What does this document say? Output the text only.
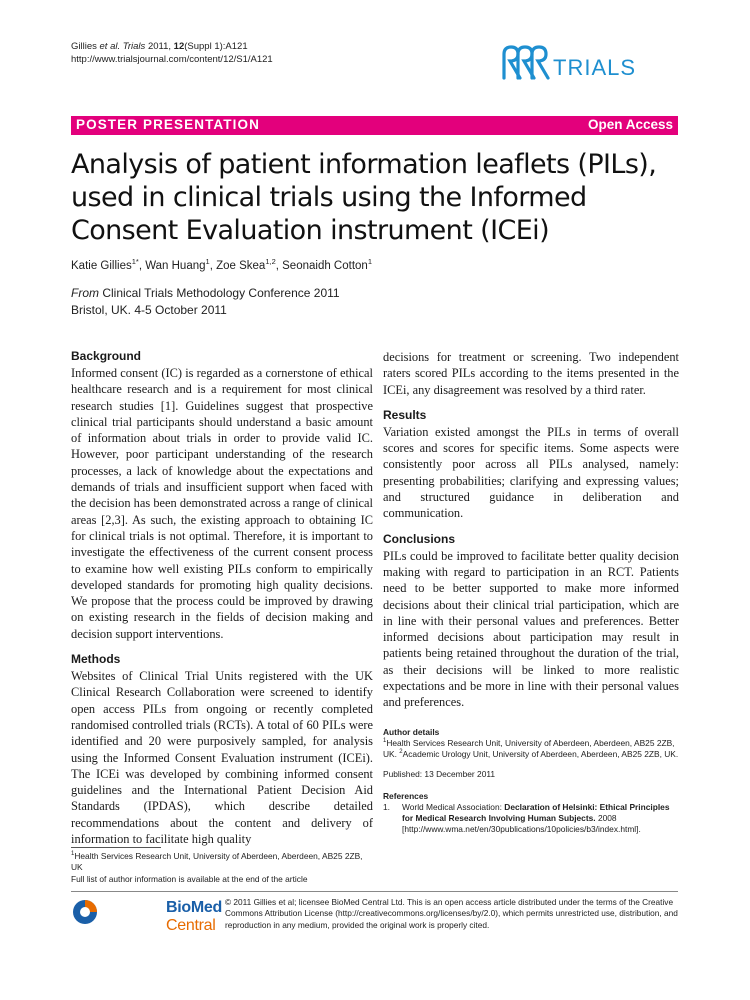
Gillies et al. Trials 2011, 12(Suppl 1):A121
http://www.trialsjournal.com/content/12/S1/A121	TRIALS
POSTER PRESENTATION	Open Access
Analysis of patient information leaflets (PILs), used in clinical trials using the Informed Consent Evaluation instrument (ICEi)
Katie Gillies$^{1*}$, Wan Huang$^1$, Zoe Skea$^{1,2}$, Seonaidh Cotton$^1$
From Clinical Trials Methodology Conference 2011
Bristol, UK. 4-5 October 2011
Background
Informed consent (IC) is regarded as a cornerstone of ethical healthcare research and is a requirement for most clinical research studies [1]. Guidelines suggest that prospective clinical trial participants should understand a basic amount of information about trials in order to provide valid IC. However, poor participant understanding of the research processes, a lack of knowledge about the expectations and demands of trials and insufficient support when faced with the decision has been demonstrated across a range of clinical areas [2,3]. As such, the existing approach to obtaining IC for clinical trials is not optimal. Therefore, it is important to investigate the effectiveness of the current consent process to examine how well existing PILs conform to empirically developed standards for promoting high quality decisions. We propose that the process could be improved by drawing on existing research in the fields of decision making and decision support interventions.
Methods
Websites of Clinical Trial Units registered with the UK Clinical Research Collaboration were screened to identify open access PILs from ongoing or recently completed randomised controlled trials (RCTs). A total of 60 PILs were identified and 20 were purposively sampled, for analysis using the Informed Consent Evaluation instrument (ICEi). The ICEi was developed by combining informed consent guidelines and the International Patient Decision Aid Standards (IPDAS), which describe detailed recommendations about the content and delivery of information to facilitate high quality
decisions for treatment or screening. Two independent raters scored PILs according to the items presented in the ICEi, any disagreement was resolved by a third rater.
Results
Variation existed amongst the PILs in terms of overall scores and scores for specific items. Some aspects were consistently poor across all PILs analysed, namely: presenting probabilities; clarifying and expressing values; and structured guidance in deliberation and communication.
Conclusions
PILs could be improved to facilitate better quality decision making with regard to participation in an RCT. Patients need to be better supported to make more informed decisions about their clinical trial participation, which are in line with their personal values and preferences. Better informed decisions about participation may result in patients being retained throughout the duration of the trial, as their decisions will be linked to more realistic expectations and be more in line with their personal values and preferences.
Author details
$^1$Health Services Research Unit, University of Aberdeen, Aberdeen, AB25 2ZB, UK. $^2$Academic Urology Unit, University of Aberdeen, Aberdeen, AB25 2ZB, UK.
Published: 13 December 2011
References
1.	World Medical Association: Declaration of Helsinki: Ethical Principles for Medical Research Involving Human Subjects. 2008 [http://www.wma.net/en/30publications/10policies/b3/index.html].
$^1$Health Services Research Unit, University of Aberdeen, Aberdeen, AB25 2ZB, UK
Full list of author information is available at the end of the article
BioMed Central
© 2011 Gillies et al; licensee BioMed Central Ltd. This is an open access article distributed under the terms of the Creative Commons Attribution License (http://creativecommons.org/licenses/by/2.0), which permits unrestricted use, distribution, and reproduction in any medium, provided the original work is properly cited.
